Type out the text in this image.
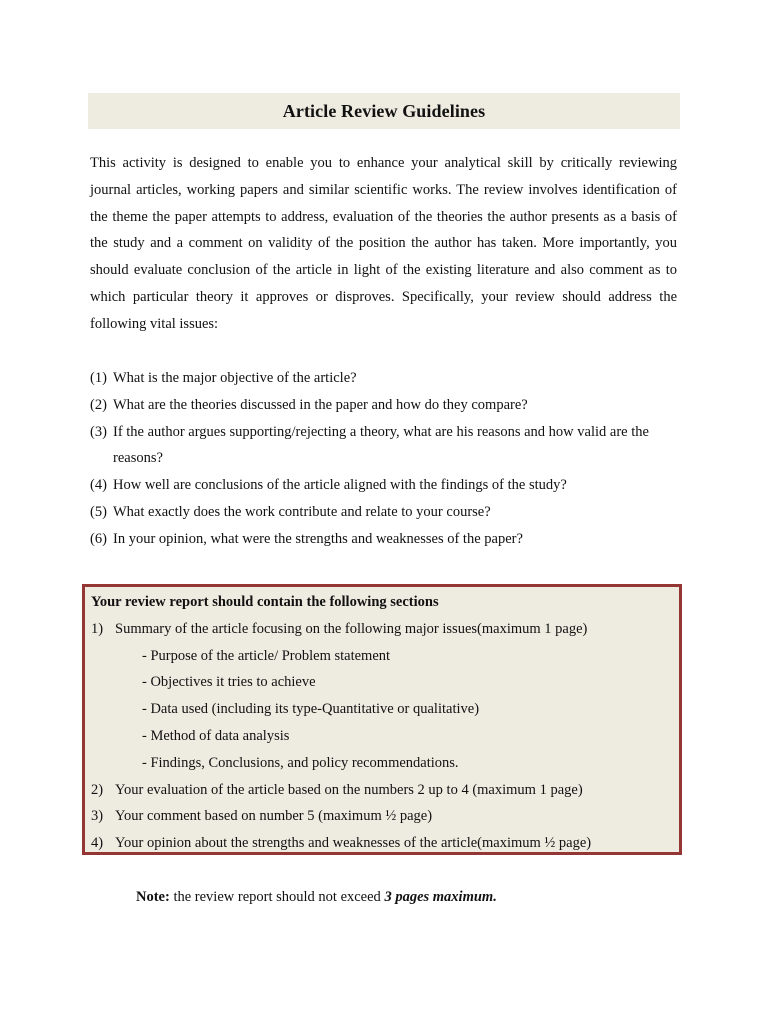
Article Review Guidelines

This activity is designed to enable you to enhance your analytical skill by critically reviewing journal articles, working papers and similar scientific works. The review involves identification of the theme the paper attempts to address, evaluation of the theories the author presents as a basis of the study and a comment on validity of the position the author has taken. More importantly, you should evaluate conclusion of the article in light of the existing literature and also comment as to which particular theory it approves or disproves. Specifically, your review should address the following vital issues:

(1) What is the major objective of the article?
(2) What are the theories discussed in the paper and how do they compare?
(3) If the author argues supporting/rejecting a theory, what are his reasons and how valid are the reasons?
(4) How well are conclusions of the article aligned with the findings of the study?
(5) What exactly does the work contribute and relate to your course?
(6) In your opinion, what were the strengths and weaknesses of the paper?
Your review report should contain the following sections
1) Summary of the article focusing on the following major issues(maximum 1 page)
- Purpose of the article/ Problem statement
- Objectives it tries to achieve
- Data used (including its type-Quantitative or qualitative)
- Method of data analysis
- Findings, Conclusions, and policy recommendations.
2) Your evaluation of the article based on the numbers 2 up to 4 (maximum 1 page)
3) Your comment based on number 5 (maximum ½ page)
4) Your opinion about the strengths and weaknesses of the article(maximum ½ page)
Note: the review report should not exceed 3 pages maximum.
